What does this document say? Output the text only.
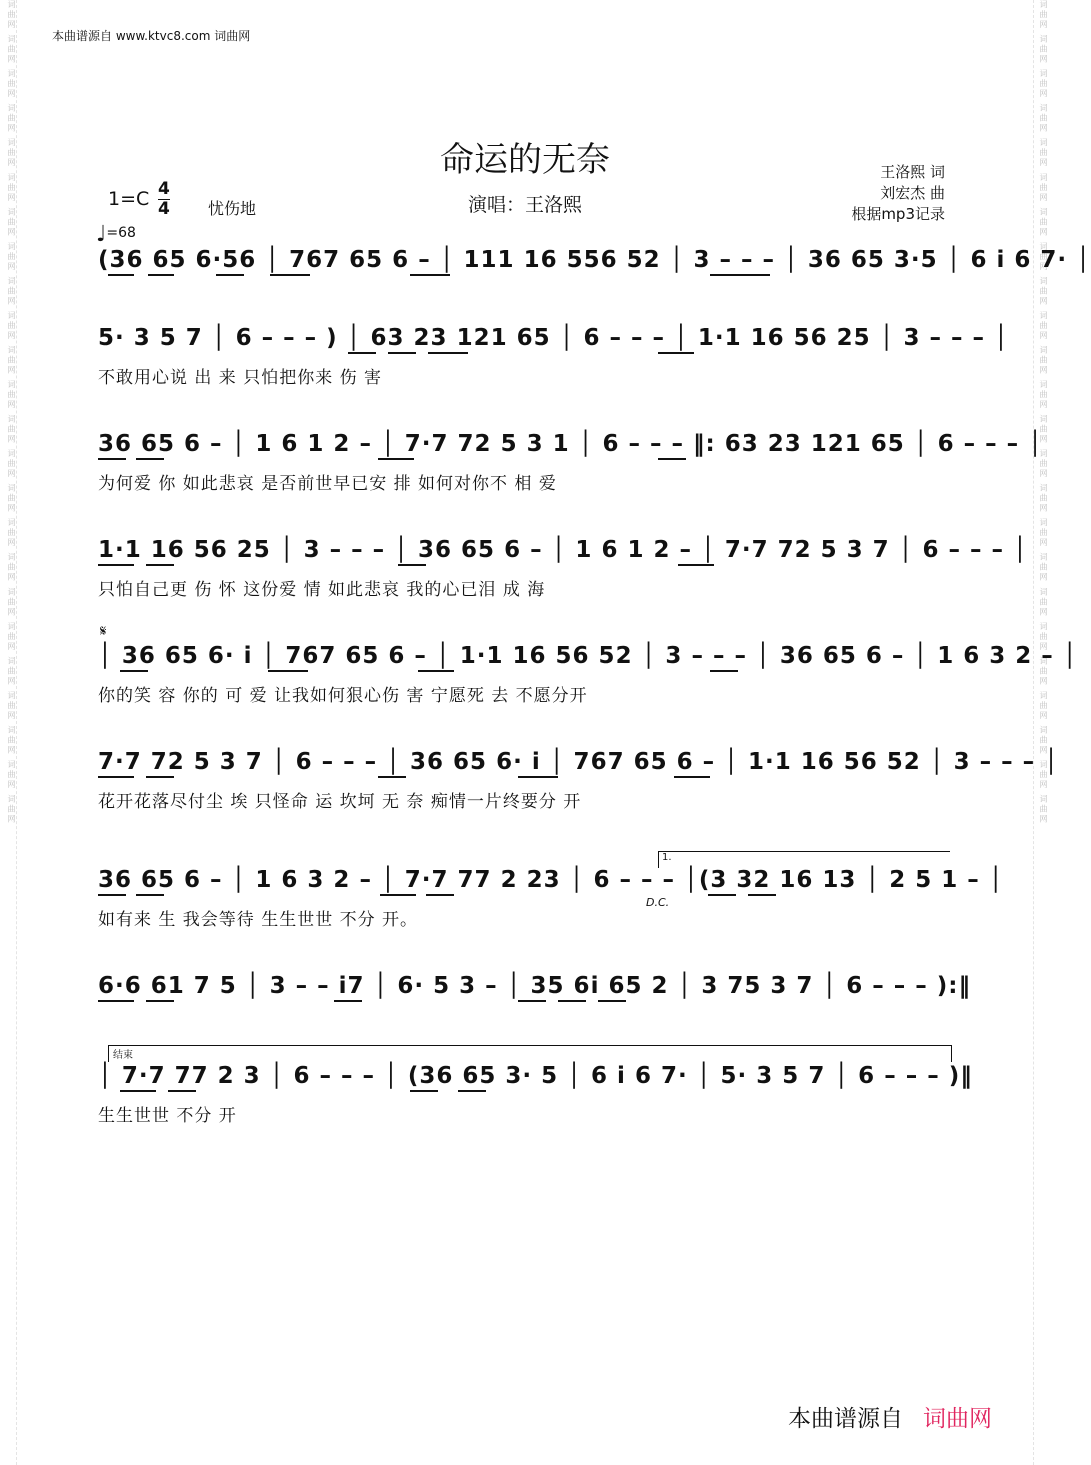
词曲网 词曲网 词曲网 词曲网 词曲网 词曲网 词曲网 词曲网 词曲网 词曲网 词曲网 词曲网 词曲网 词曲网 词曲网 词曲网 词曲网 词曲网 词曲网 词曲网 词曲网 词曲网 词曲网 词曲网	词曲网 词曲网 词曲网 词曲网 词曲网 词曲网 词曲网 词曲网 词曲网 词曲网 词曲网 词曲网 词曲网 词曲网 词曲网 词曲网 词曲网 词曲网 词曲网 词曲网 词曲网 词曲网 词曲网 词曲网
本曲谱源自 www.ktvc8.com 词曲网
命运的无奈
演唱：王洛熙
王洛熙 词
刘宏杰 曲
根据mp3记录
1=C 4
4 忧伤地
♩=68
𝄋
1.
D.C.
结束
(36 65 6·56 │ 767 65 6 – │ 111 16 556 52 │ 3 – – – │ 36 65 3·5 │ 6 i 6 7· │
5· 3 5 7 │ 6 – – – ) │ 63 23 121 65 │ 6 – – – │ 1·1 16 56 25 │ 3 – – – │
不敢用心说 出 来 只怕把你来 伤 害
36 65 6 – │ 1 6 1 2 – │ 7·7 72 5 3 1 │ 6 – – – ‖: 63 23 121 65 │ 6 – – – │
为何爱 你 如此悲哀 是否前世早已安 排 如何对你不 相 爱
1·1 16 56 25 │ 3 – – – │ 36 65 6 – │ 1 6 1 2 – │ 7·7 72 5 3 7 │ 6 – – – │
只怕自己更 伤 怀 这份爱 情 如此悲哀 我的心已泪 成 海
│ 36 65 6· i │ 767 65 6 – │ 1·1 16 56 52 │ 3 – – – │ 36 65 6 – │ 1 6 3 2 – │
你的笑 容 你的 可 爱 让我如何狠心伤 害 宁愿死 去 不愿分开
7·7 72 5 3 7 │ 6 – – – │ 36 65 6· i │ 767 65 6 – │ 1·1 16 56 52 │ 3 – – – │
花开花落尽付尘 埃 只怪命 运 坎坷 无 奈 痴情一片终要分 开
36 65 6 – │ 1 6 3 2 – │ 7·7 77 2 23 │ 6 – – – │(3 32 16 13 │ 2 5 1 – │
如有来 生 我会等待 生生世世 不分 开。
6·6 61 7 5 │ 3 – – i7 │ 6· 5 3 – │ 35 6i 65 2 │ 3 75 3 7 │ 6 – – – ):‖
│ 7·7 77 2 3 │ 6 – – – │ (36 65 3· 5 │ 6 i 6 7· │ 5· 3 5 7 │ 6 – – – )‖
生生世世 不分 开
本曲谱源自 词曲网
